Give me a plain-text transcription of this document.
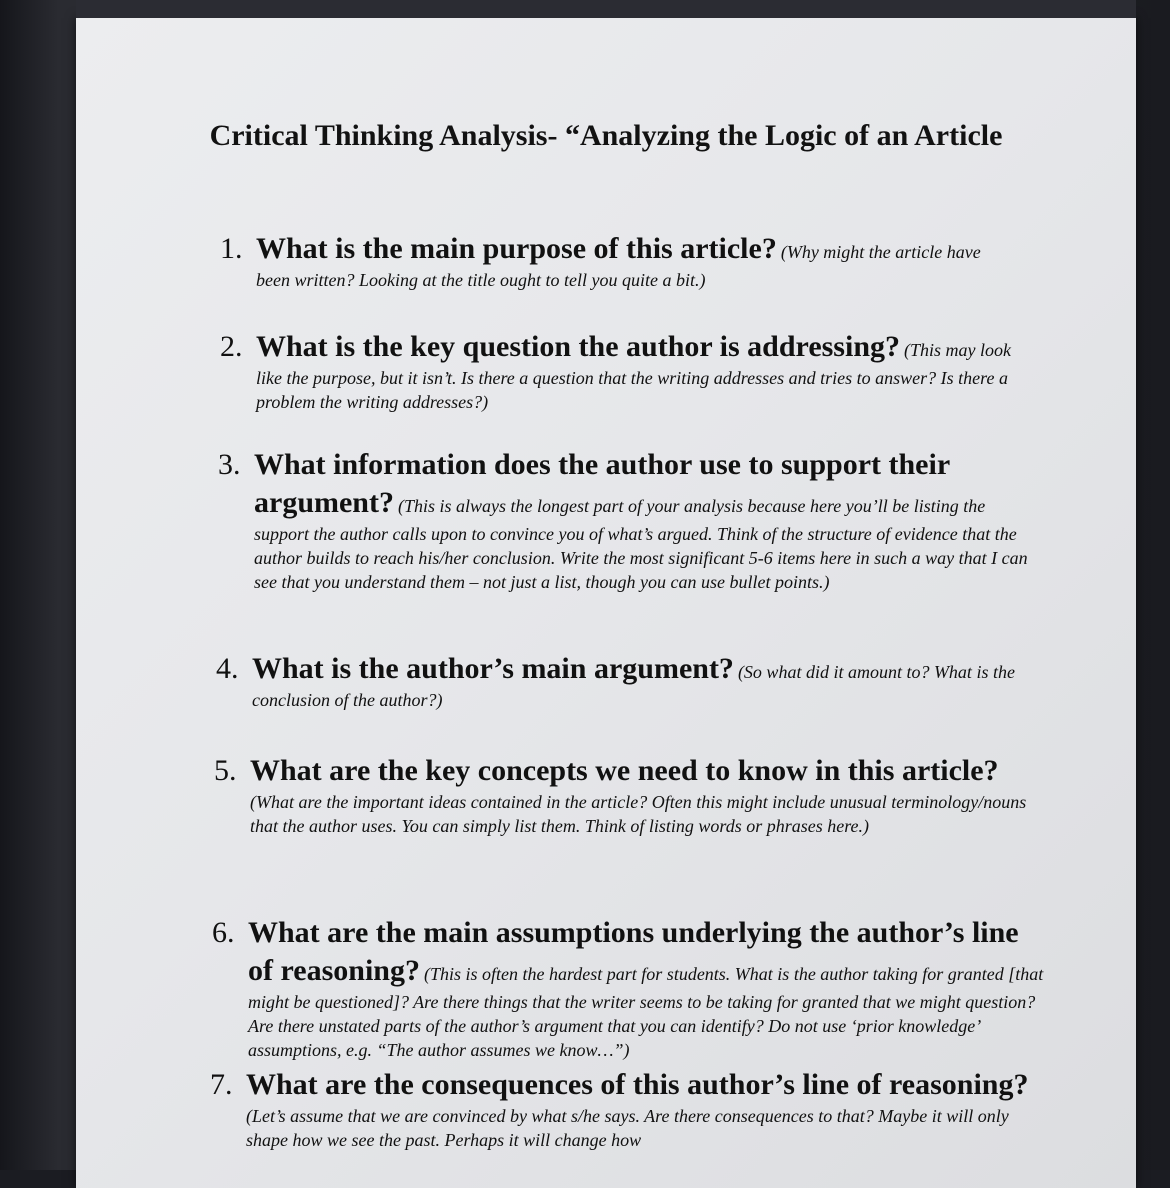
Critical Thinking Analysis- “Analyzing the Logic of an Article
1. What is the main purpose of this article? (Why might the article have been written? Looking at the title ought to tell you quite a bit.)

2. What is the key question the author is addressing? (This may look like the purpose, but it isn’t. Is there a question that the writing addresses and tries to answer? Is there a problem the writing addresses?)

3. What information does the author use to support their argument? (This is always the longest part of your analysis because here you’ll be listing the support the author calls upon to convince you of what’s argued. Think of the structure of evidence that the author builds to reach his/her conclusion. Write the most significant 5-6 items here in such a way that I can see that you understand them – not just a list, though you can use bullet points.)

4. What is the author’s main argument? (So what did it amount to? What is the conclusion of the author?)

5. What are the key concepts we need to know in this article? (What are the important ideas contained in the article? Often this might include unusual terminology/nouns that the author uses. You can simply list them. Think of listing words or phrases here.)

6. What are the main assumptions underlying the author’s line of reasoning? (This is often the hardest part for students. What is the author taking for granted [that might be questioned]? Are there things that the writer seems to be taking for granted that we might question? Are there unstated parts of the author’s argument that you can identify? Do not use ‘prior knowledge’ assumptions, e.g. “The author assumes we know…”)

7. What are the consequences of this author’s line of reasoning? (Let’s assume that we are convinced by what s/he says. Are there consequences to that? Maybe it will only shape how we see the past. Perhaps it will change how
